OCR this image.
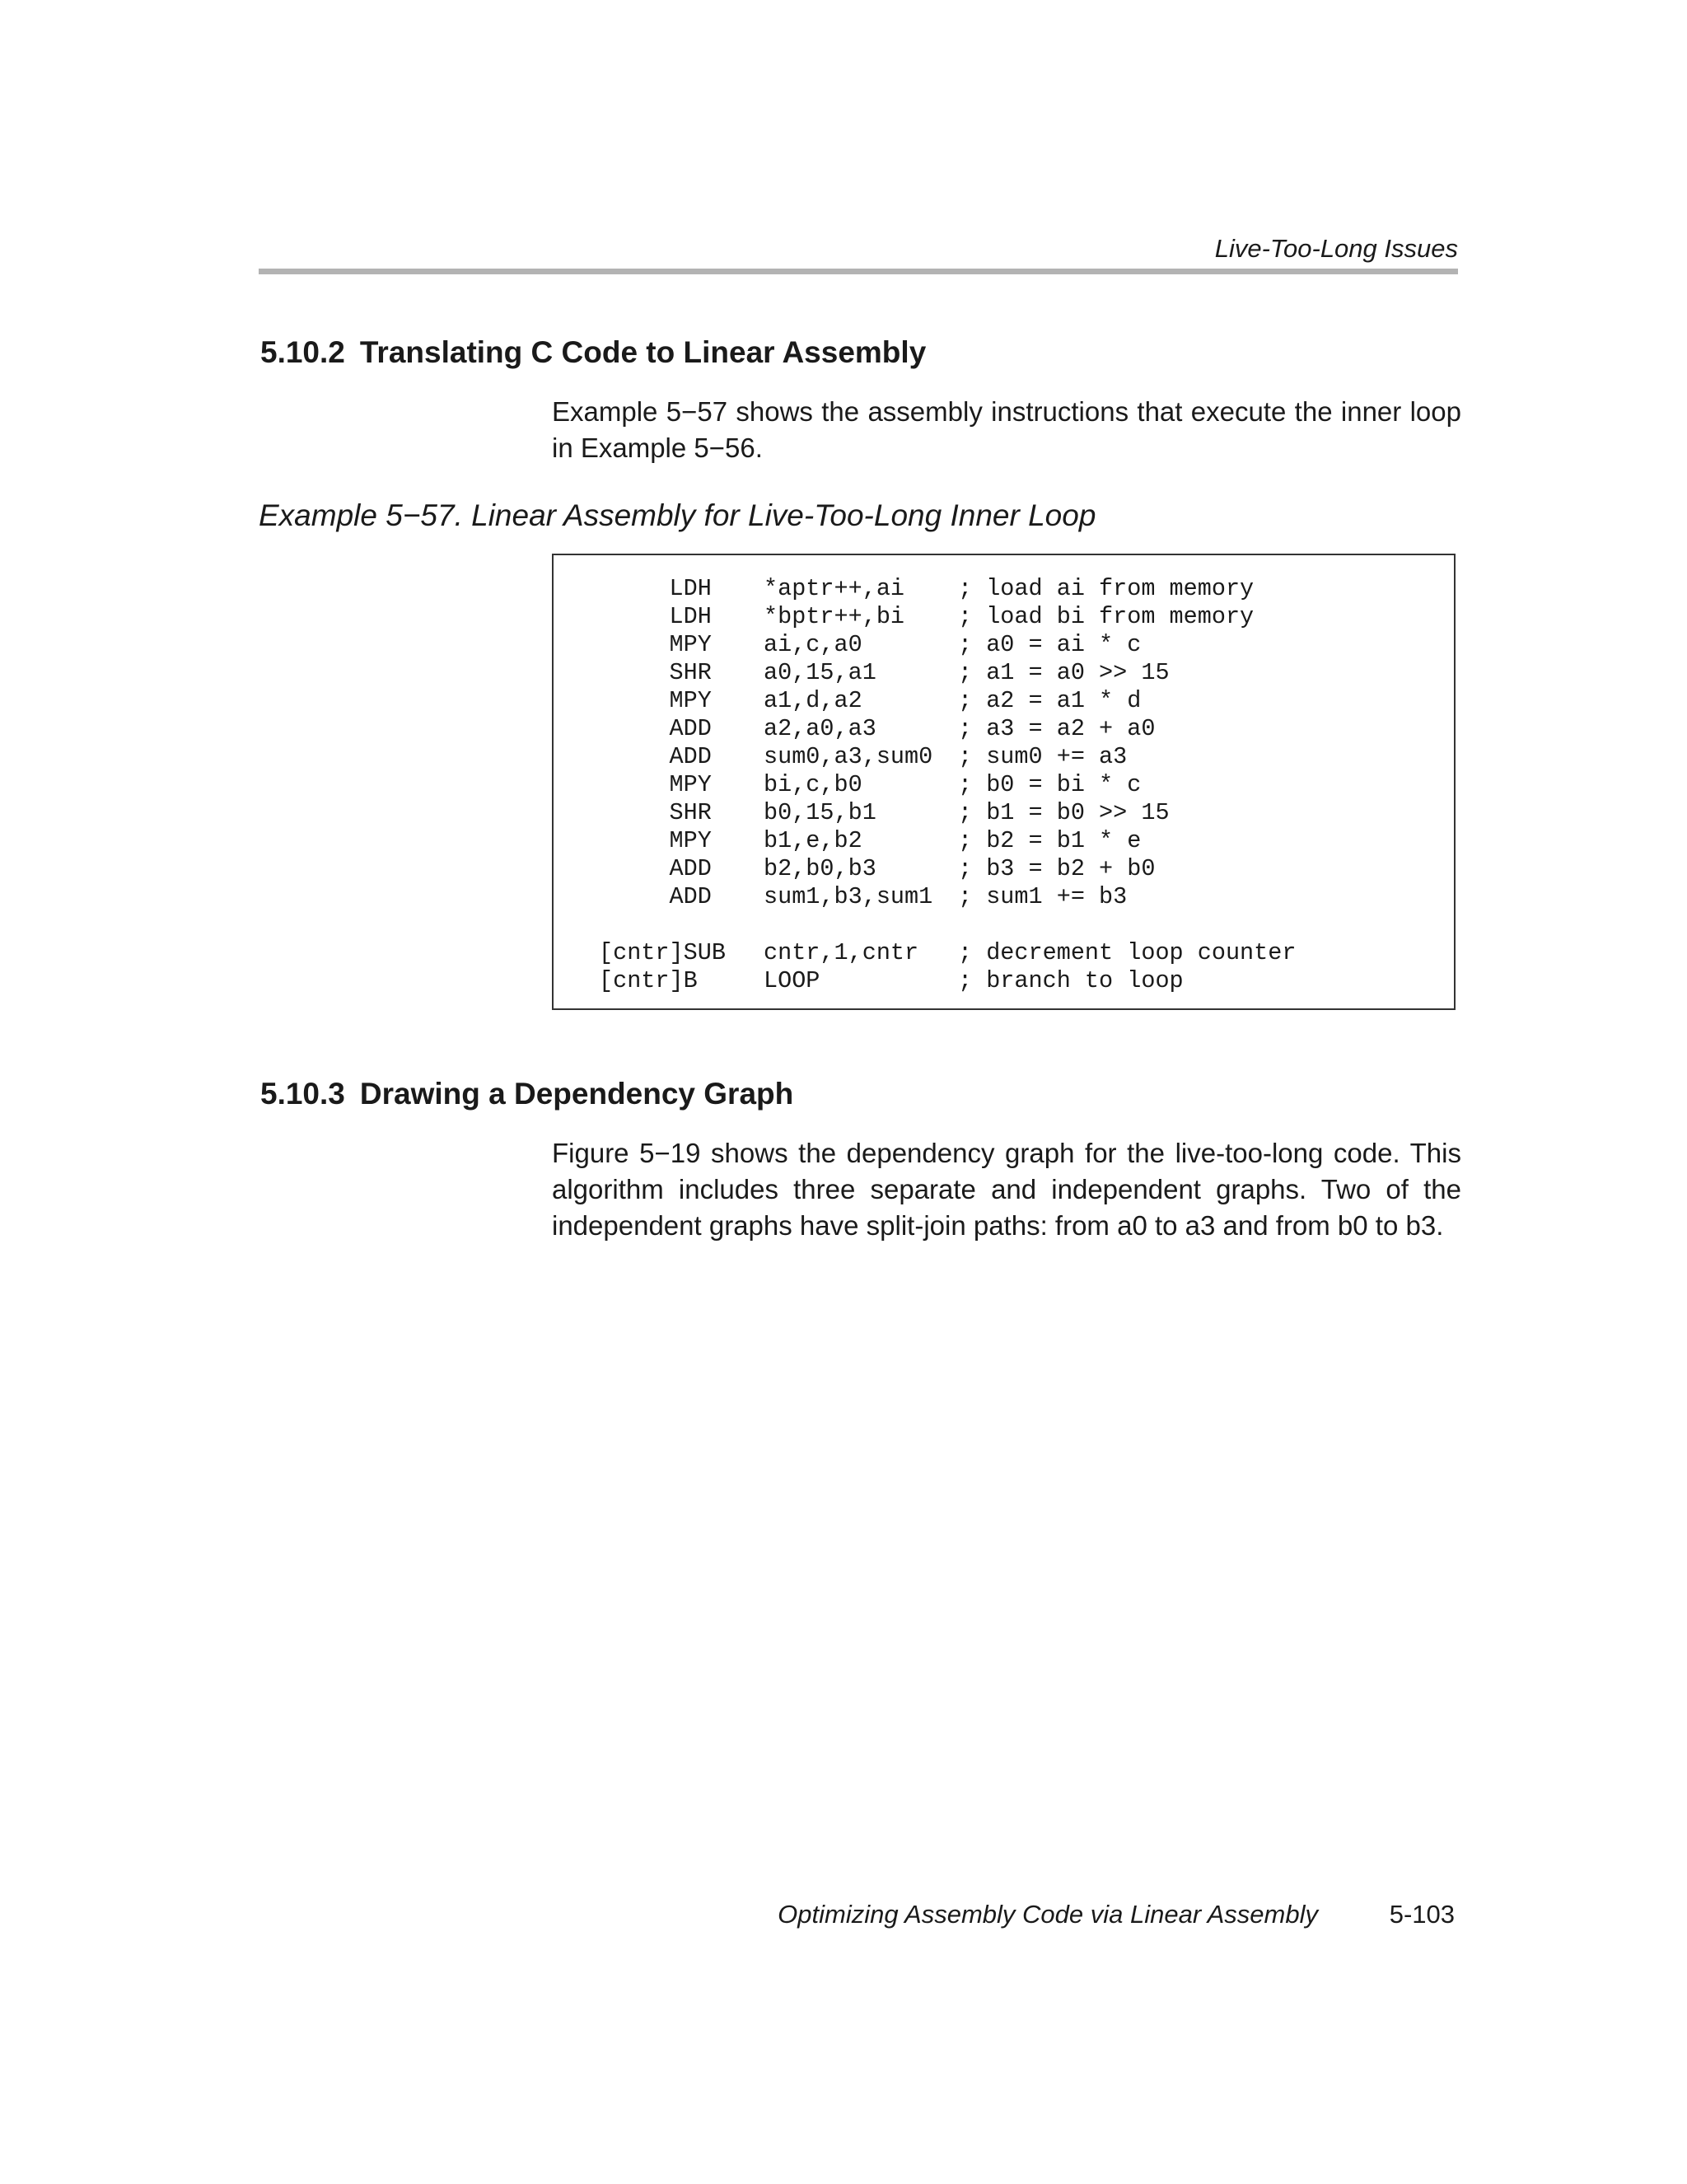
Live-Too-Long Issues
5.10.2 Translating C Code to Linear Assembly
Example 5−57 shows the assembly instructions that execute the inner loop in Example 5−56.
Example 5−57. Linear Assembly for Live-Too-Long Inner Loop
LDH *aptr++,ai ; load ai from memory
LDH *bptr++,bi ; load bi from memory
MPY ai,c,a0	; a0 = ai * c
SHR a0,15,a1	; a1 = a0 >> 15
MPY a1,d,a2	; a2 = a1 * d
ADD a2,a0,a3	; a3 = a2 + a0
ADD sum0,a3,sum0 ; sum0 += a3
MPY bi,c,b0	; b0 = bi * c
SHR b0,15,b1	; b1 = b0 >> 15
MPY b1,e,b2	; b2 = b1 * e
ADD b2,b0,b3	; b3 = b2 + b0
ADD sum1,b3,sum1 ; sum1 += b3
[cntr]SUB cntr,1,cntr ; decrement loop counter
[cntr]B	LOOP	; branch to loop
5.10.3 Drawing a Dependency Graph
Figure 5−19 shows the dependency graph for the live-too-long code. This algorithm includes three separate and independent graphs. Two of the independent graphs have split-join paths: from a0 to a3 and from b0 to b3.
Optimizing Assembly Code via Linear Assembly	5-103
